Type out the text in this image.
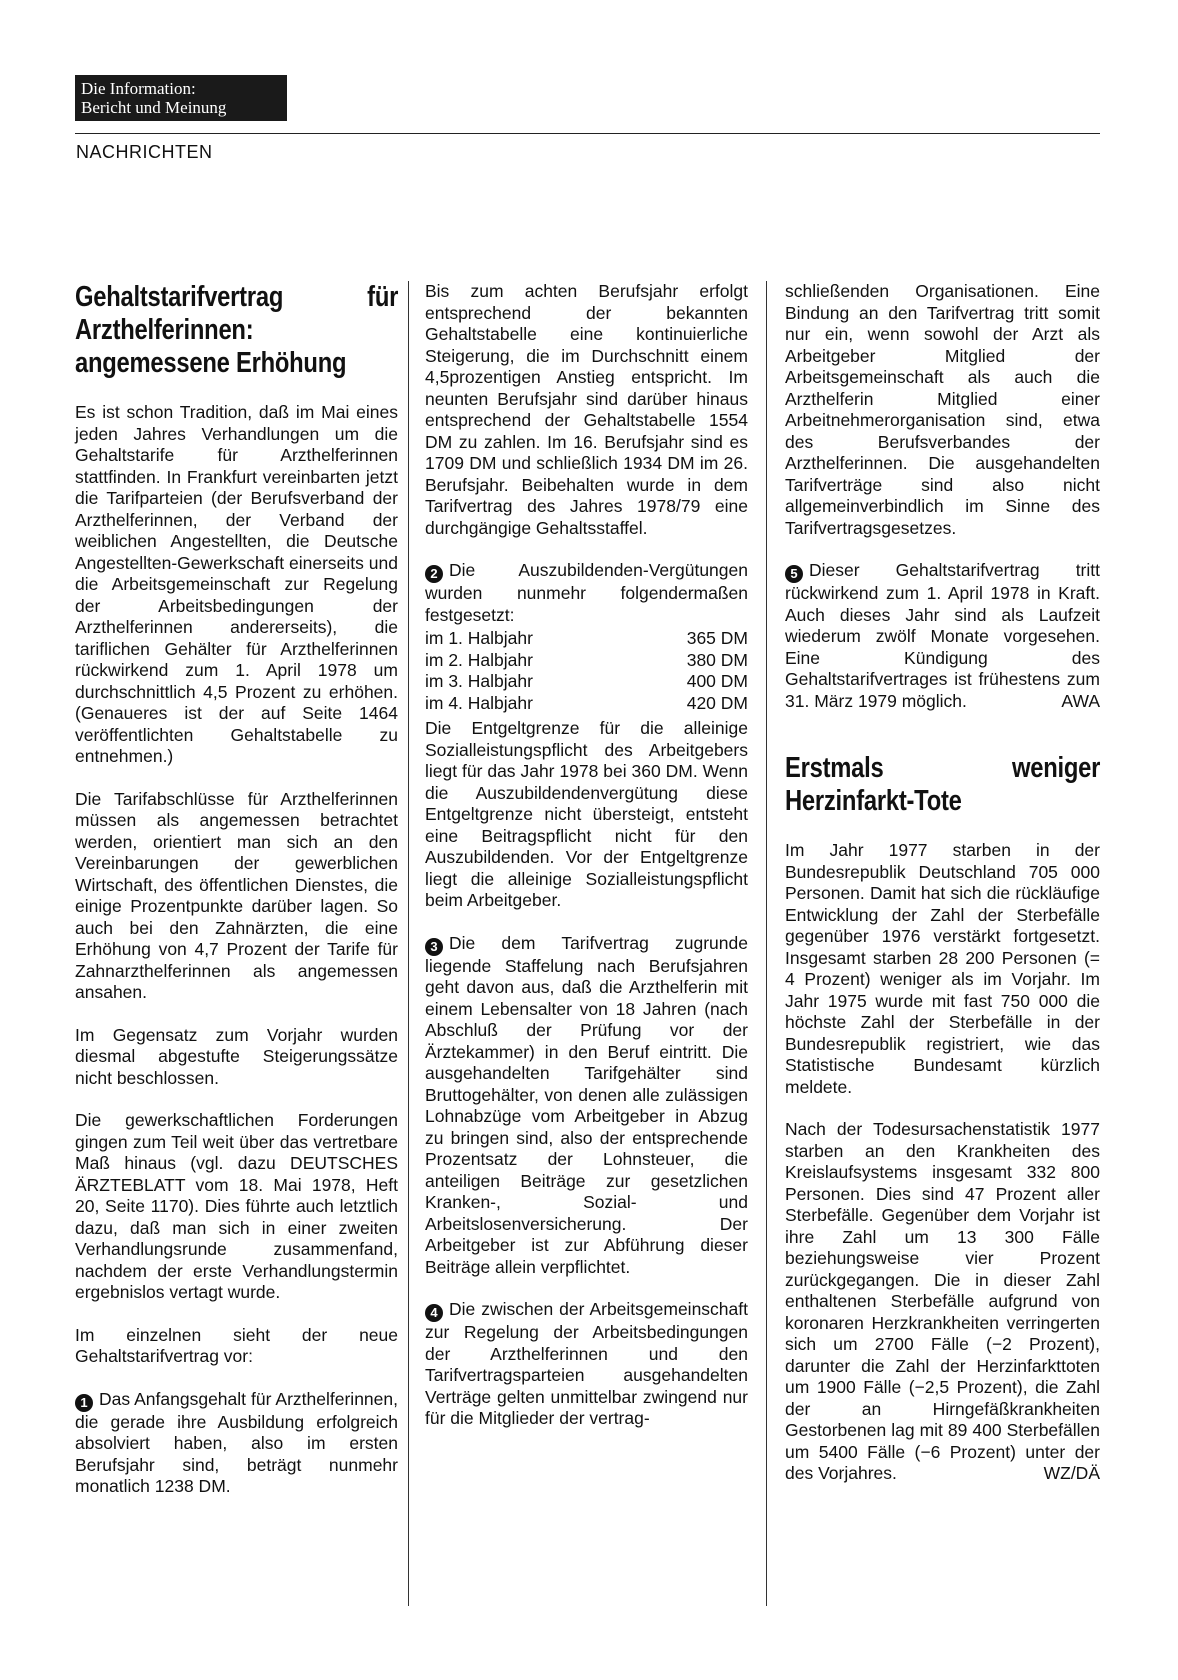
Die Information:
Bericht und Meinung
NACHRICHTEN
Gehaltstarifvertrag für Arzthelferinnen: angemessene Erhöhung

Es ist schon Tradition, daß im Mai eines jeden Jahres Verhandlungen um die Gehaltstarife für Arzthelferinnen stattfinden. In Frankfurt vereinbarten jetzt die Tarifparteien (der Berufsverband der Arzthelferinnen, der Verband der weiblichen Angestellten, die Deutsche Angestellten-Gewerkschaft einerseits und die Arbeitsgemeinschaft zur Regelung der Arbeitsbedingungen der Arzthelferinnen andererseits), die tariflichen Gehälter für Arzthelferinnen rückwirkend zum 1. April 1978 um durchschnittlich 4,5 Prozent zu erhöhen. (Genaueres ist der auf Seite 1464 veröffentlichten Gehaltstabelle zu entnehmen.)

Die Tarifabschlüsse für Arzthelferinnen müssen als angemessen betrachtet werden, orientiert man sich an den Vereinbarungen der gewerblichen Wirtschaft, des öffentlichen Dienstes, die einige Prozentpunkte darüber lagen. So auch bei den Zahnärzten, die eine Erhöhung von 4,7 Prozent der Tarife für Zahnarzthelferinnen als angemessen ansahen.

Im Gegensatz zum Vorjahr wurden diesmal abgestufte Steigerungssätze nicht beschlossen.

Die gewerkschaftlichen Forderungen gingen zum Teil weit über das vertretbare Maß hinaus (vgl. dazu DEUTSCHES ÄRZTEBLATT vom 18. Mai 1978, Heft 20, Seite 1170). Dies führte auch letztlich dazu, daß man sich in einer zweiten Verhandlungsrunde zusammenfand, nachdem der erste Verhandlungstermin ergebnislos vertagt wurde.

Im einzelnen sieht der neue Gehaltstarifvertrag vor:

1 Das Anfangsgehalt für Arzthelferinnen, die gerade ihre Ausbildung erfolgreich absolviert haben, also im ersten Berufsjahr sind, beträgt nunmehr monatlich 1238 DM.

Bis zum achten Berufsjahr erfolgt entsprechend der bekannten Gehaltstabelle eine kontinuierliche Steigerung, die im Durchschnitt einem 4,5prozentigen Anstieg entspricht. Im neunten Berufsjahr sind darüber hinaus entsprechend der Gehaltstabelle 1554 DM zu zahlen. Im 16. Berufsjahr sind es 1709 DM und schließlich 1934 DM im 26. Berufsjahr. Beibehalten wurde in dem Tarifvertrag des Jahres 1978/79 eine durchgängige Gehaltsstaffel.

2 Die Auszubildenden-Vergütungen wurden nunmehr folgendermaßen festgesetzt:

im 1. Halbjahr	365 DM
im 2. Halbjahr	380 DM
im 3. Halbjahr	400 DM
im 4. Halbjahr	420 DM

Die Entgeltgrenze für die alleinige Sozialleistungspflicht des Arbeitgebers liegt für das Jahr 1978 bei 360 DM. Wenn die Auszubildendenvergütung diese Entgeltgrenze nicht übersteigt, entsteht eine Beitragspflicht nicht für den Auszubildenden. Vor der Entgeltgrenze liegt die alleinige Sozialleistungspflicht beim Arbeitgeber.

3 Die dem Tarifvertrag zugrunde liegende Staffelung nach Berufsjahren geht davon aus, daß die Arzthelferin mit einem Lebensalter von 18 Jahren (nach Abschluß der Prüfung vor der Ärztekammer) in den Beruf eintritt. Die ausgehandelten Tarifgehälter sind Bruttogehälter, von denen alle zulässigen Lohnabzüge vom Arbeitgeber in Abzug zu bringen sind, also der entsprechende Prozentsatz der Lohnsteuer, die anteiligen Beiträge zur gesetzlichen Kranken-, Sozial- und Arbeitslosenversicherung. Der Arbeitgeber ist zur Abführung dieser Beiträge allein verpflichtet.

4 Die zwischen der Arbeitsgemeinschaft zur Regelung der Arbeitsbedingungen der Arzthelferinnen und den Tarifvertragsparteien ausgehandelten Verträge gelten unmittelbar zwingend nur für die Mitglieder der vertrag-

schließenden Organisationen. Eine Bindung an den Tarifvertrag tritt somit nur ein, wenn sowohl der Arzt als Arbeitgeber Mitglied der Arbeitsgemeinschaft als auch die Arzthelferin Mitglied einer Arbeitnehmerorganisation sind, etwa des Berufsverbandes der Arzthelferinnen. Die ausgehandelten Tarifverträge sind also nicht allgemeinverbindlich im Sinne des Tarifvertragsgesetzes.

5 Dieser Gehaltstarifvertrag tritt rückwirkend zum 1. April 1978 in Kraft. Auch dieses Jahr sind als Laufzeit wiederum zwölf Monate vorgesehen. Eine Kündigung des Gehaltstarifvertrages ist frühestens zum 31. März 1979 möglich.	AWA

Erstmals weniger Herzinfarkt-Tote

Im Jahr 1977 starben in der Bundesrepublik Deutschland 705 000 Personen. Damit hat sich die rückläufige Entwicklung der Zahl der Sterbefälle gegenüber 1976 verstärkt fortgesetzt. Insgesamt starben 28 200 Personen (= 4 Prozent) weniger als im Vorjahr. Im Jahr 1975 wurde mit fast 750 000 die höchste Zahl der Sterbefälle in der Bundesrepublik registriert, wie das Statistische Bundesamt kürzlich meldete.

Nach der Todesursachenstatistik 1977 starben an den Krankheiten des Kreislaufsystems insgesamt 332 800 Personen. Dies sind 47 Prozent aller Sterbefälle. Gegenüber dem Vorjahr ist ihre Zahl um 13 300 Fälle beziehungsweise vier Prozent zurückgegangen. Die in dieser Zahl enthaltenen Sterbefälle aufgrund von koronaren Herzkrankheiten verringerten sich um 2700 Fälle (−2 Prozent), darunter die Zahl der Herzinfarkttoten um 1900 Fälle (−2,5 Prozent), die Zahl der an Hirngefäßkrankheiten Gestorbenen lag mit 89 400 Sterbefällen um 5400 Fälle (−6 Prozent) unter der des Vorjahres.	WZ/DÄ
